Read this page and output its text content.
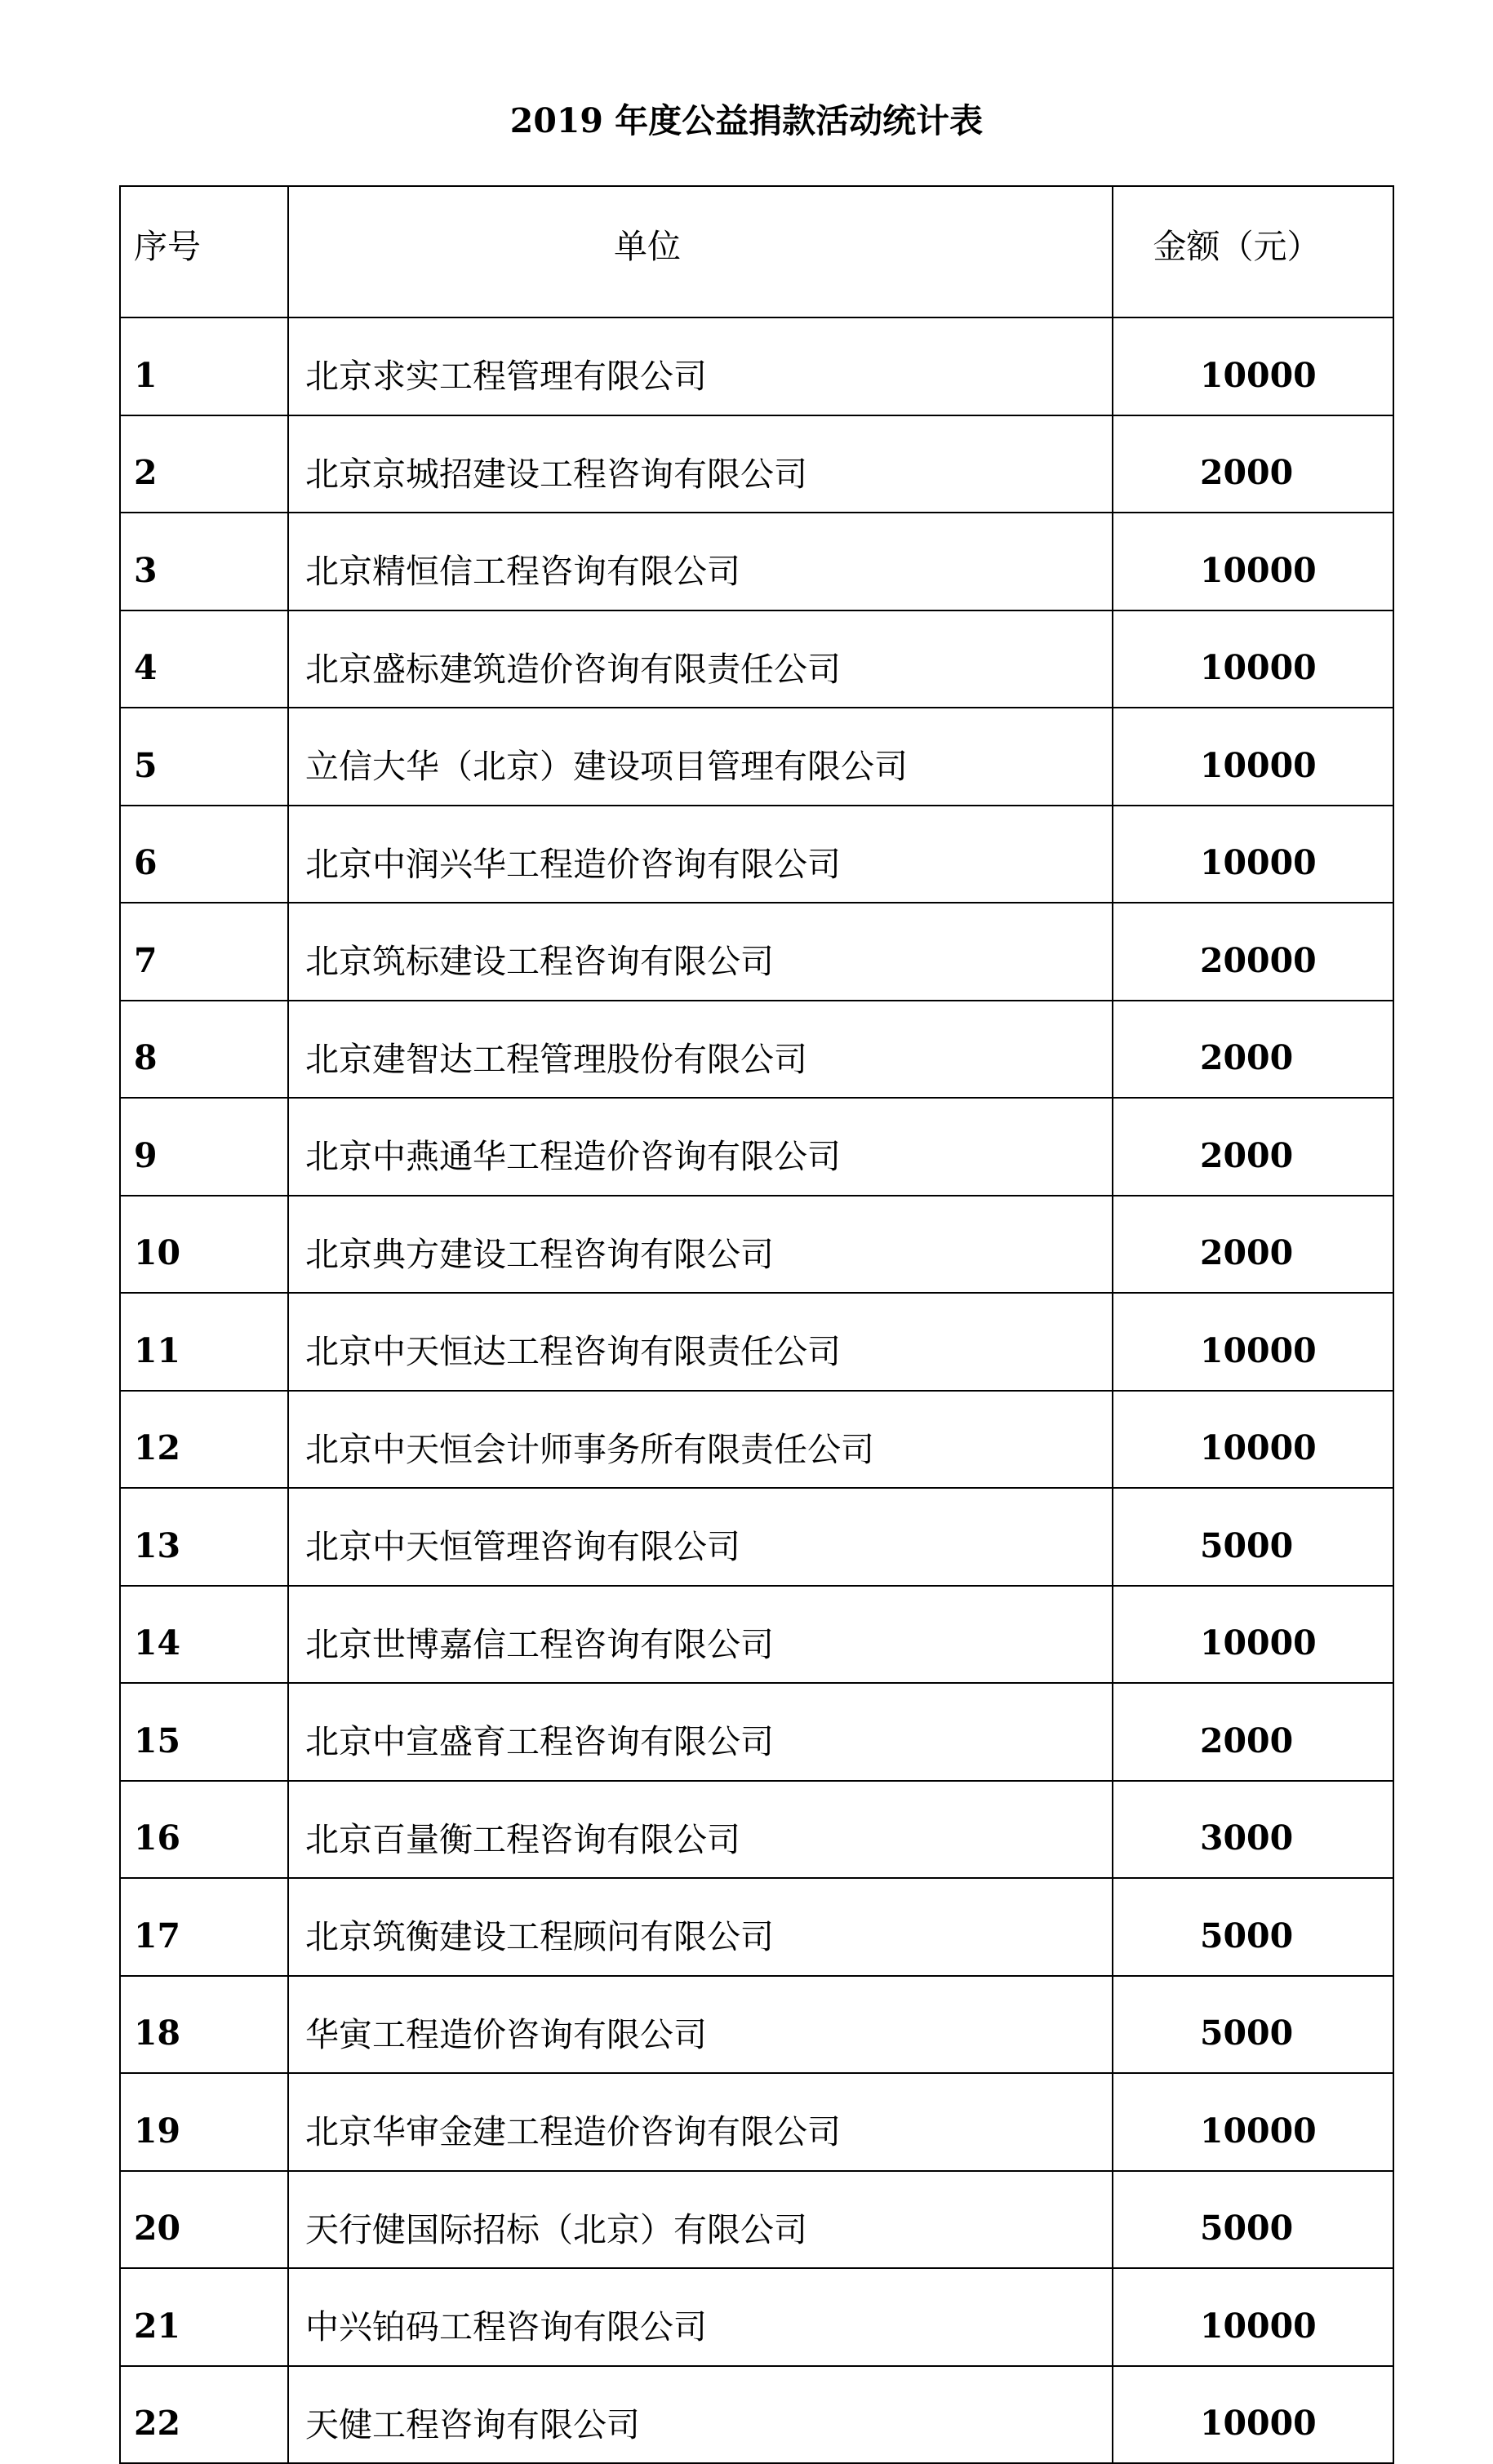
2019 年度公益捐款活动统计表
序号	单位	金额（元）
1	北京求实工程管理有限公司	10000
2	北京京城招建设工程咨询有限公司	2000
3	北京精恒信工程咨询有限公司	10000
4	北京盛标建筑造价咨询有限责任公司	10000
5	立信大华（北京）建设项目管理有限公司	10000
6	北京中润兴华工程造价咨询有限公司	10000
7	北京筑标建设工程咨询有限公司	20000
8	北京建智达工程管理股份有限公司	2000
9	北京中燕通华工程造价咨询有限公司	2000
10	北京典方建设工程咨询有限公司	2000
11	北京中天恒达工程咨询有限责任公司	10000
12	北京中天恒会计师事务所有限责任公司	10000
13	北京中天恒管理咨询有限公司	5000
14	北京世博嘉信工程咨询有限公司	10000
15	北京中宣盛育工程咨询有限公司	2000
16	北京百量衡工程咨询有限公司	3000
17	北京筑衡建设工程顾问有限公司	5000
18	华寅工程造价咨询有限公司	5000
19	北京华审金建工程造价咨询有限公司	10000
20	天行健国际招标（北京）有限公司	5000
21	中兴铂码工程咨询有限公司	10000
22	天健工程咨询有限公司	10000
